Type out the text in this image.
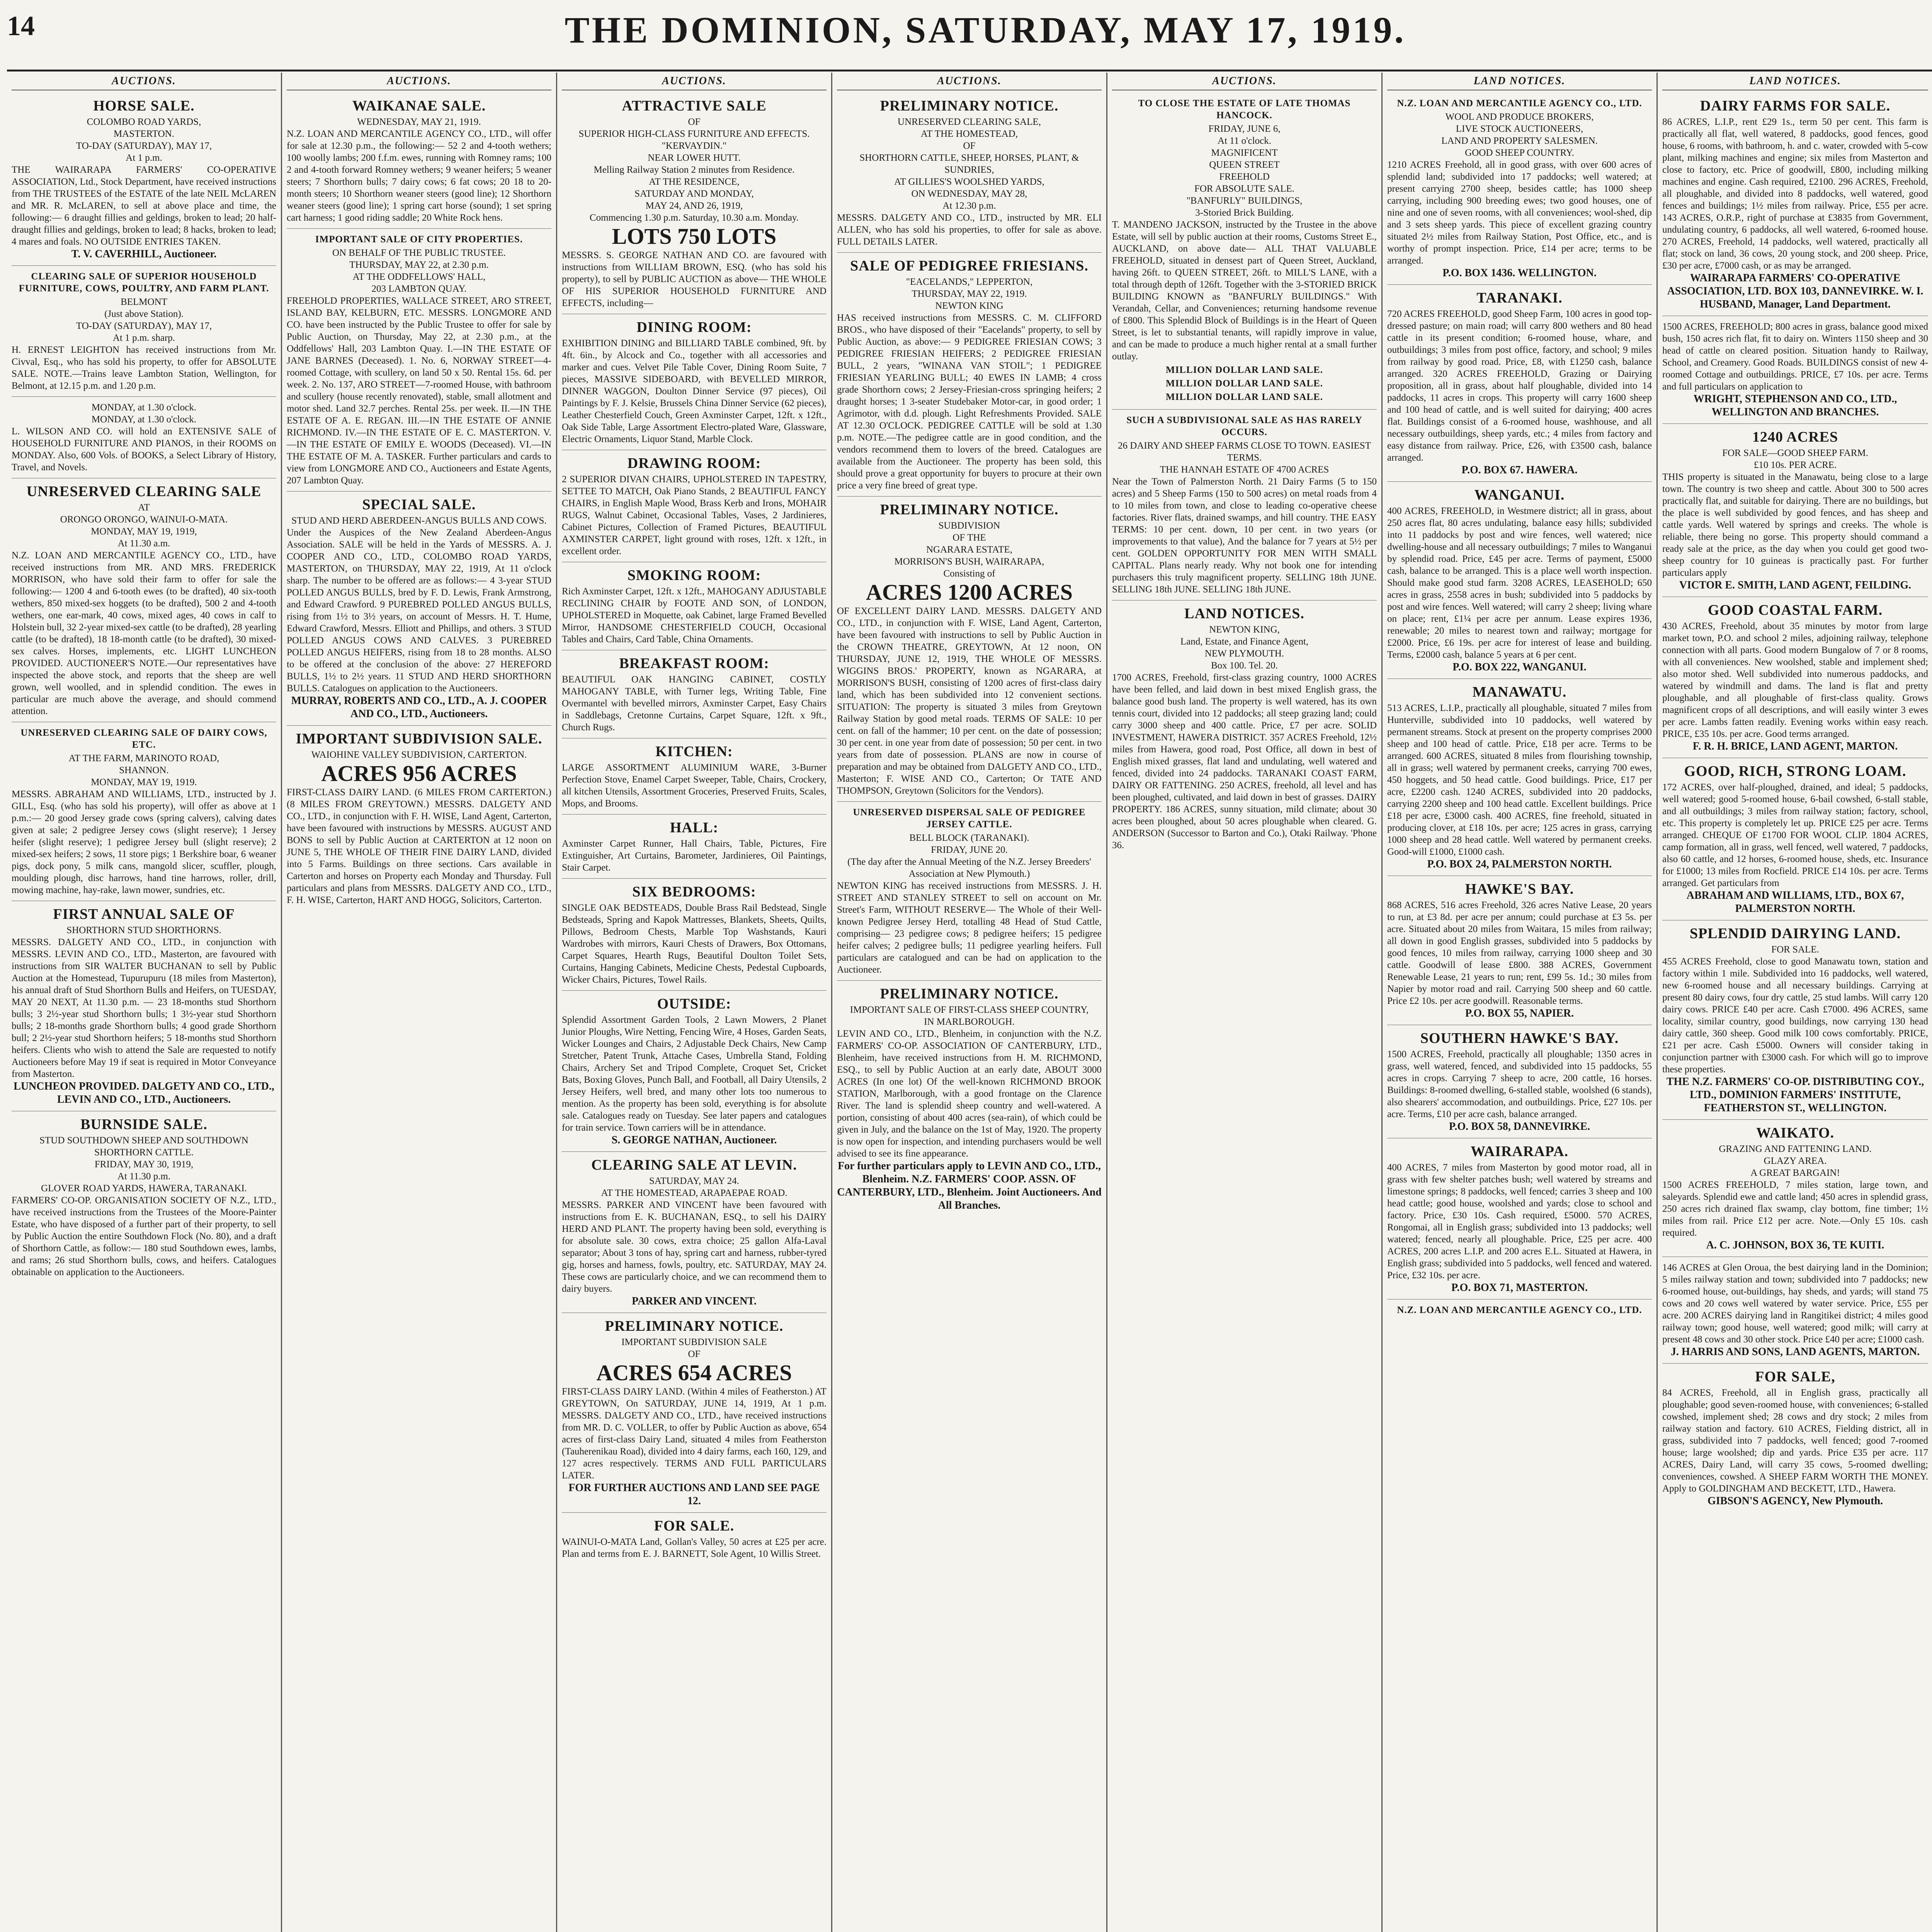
14	THE DOMINION, SATURDAY, MAY 17, 1919.
AUCTIONS.
HORSE SALE.
COLOMBO ROAD YARDS,
MASTERTON.
TO-DAY (SATURDAY), MAY 17,
At 1 p.m.
THE WAIRARAPA FARMERS' CO-OPERATIVE ASSOCIATION, Ltd., Stock Department, have received instructions from THE TRUSTEES of the ESTATE of the late NEIL McLAREN and MR. R. McLAREN, to sell at above place and time, the following:— 6 draught fillies and geldings, broken to lead; 20 half-draught fillies and geldings, broken to lead; 8 hacks, broken to lead; 4 mares and foals. NO OUTSIDE ENTRIES TAKEN.
T. V. CAVERHILL, Auctioneer.
CLEARING SALE OF SUPERIOR HOUSEHOLD FURNITURE, COWS, POULTRY, AND FARM PLANT.
BELMONT
(Just above Station).
TO-DAY (SATURDAY), MAY 17,
At 1 p.m. sharp.
H. ERNEST LEIGHTON has received instructions from Mr. Civval, Esq., who has sold his property, to offer for ABSOLUTE SALE. NOTE.—Trains leave Lambton Station, Wellington, for Belmont, at 12.15 p.m. and 1.20 p.m.
MONDAY, at 1.30 o'clock.
MONDAY, at 1.30 o'clock.
L. WILSON AND CO. will hold an EXTENSIVE SALE of HOUSEHOLD FURNITURE AND PIANOS, in their ROOMS on MONDAY. Also, 600 Vols. of BOOKS, a Select Library of History, Travel, and Novels.
UNRESERVED CLEARING SALE
AT
ORONGO ORONGO, WAINUI-O-MATA.
MONDAY, MAY 19, 1919,
At 11.30 a.m.
N.Z. LOAN AND MERCANTILE AGENCY CO., LTD., have received instructions from MR. AND MRS. FREDERICK MORRISON, who have sold their farm to offer for sale the following:— 1200 4 and 6-tooth ewes (to be drafted), 40 six-tooth wethers, 850 mixed-sex hoggets (to be drafted), 500 2 and 4-tooth wethers, one ear-mark, 40 cows, mixed ages, 40 cows in calf to Holstein bull, 32 2-year mixed-sex cattle (to be drafted), 28 yearling cattle (to be drafted), 18 18-month cattle (to be drafted), 30 mixed-sex calves. Horses, implements, etc. LIGHT LUNCHEON PROVIDED. AUCTIONEER'S NOTE.—Our representatives have inspected the above stock, and reports that the sheep are well grown, well woolled, and in splendid condition. The ewes in particular are much above the average, and should commend attention.
UNRESERVED CLEARING SALE OF DAIRY COWS, ETC.
AT THE FARM, MARINOTO ROAD,
SHANNON.
MONDAY, MAY 19, 1919.
MESSRS. ABRAHAM AND WILLIAMS, LTD., instructed by J. GILL, Esq. (who has sold his property), will offer as above at 1 p.m.:— 20 good Jersey grade cows (spring calvers), calving dates given at sale; 2 pedigree Jersey cows (slight reserve); 1 Jersey heifer (slight reserve); 1 pedigree Jersey bull (slight reserve); 2 mixed-sex heifers; 2 sows, 11 store pigs; 1 Berkshire boar, 6 weaner pigs, dock pony, 5 milk cans, mangold slicer, scuffler, plough, moulding plough, disc harrows, hand tine harrows, roller, drill, mowing machine, hay-rake, lawn mower, sundries, etc.
FIRST ANNUAL SALE OF
SHORTHORN STUD SHORTHORNS.
MESSRS. DALGETY AND CO., LTD., in conjunction with MESSRS. LEVIN AND CO., LTD., Masterton, are favoured with instructions from SIR WALTER BUCHANAN to sell by Public Auction at the Homestead, Tupurupuru (18 miles from Masterton), his annual draft of Stud Shorthorn Bulls and Heifers, on TUESDAY, MAY 20 NEXT, At 11.30 p.m. — 23 18-months stud Shorthorn bulls; 3 2½-year stud Shorthorn bulls; 1 3½-year stud Shorthorn bulls; 2 18-months grade Shorthorn bulls; 4 good grade Shorthorn bull; 2 2½-year stud Shorthorn heifers; 5 18-months stud Shorthorn heifers. Clients who wish to attend the Sale are requested to notify Auctioneers before May 19 if seat is required in Motor Conveyance from Masterton.
LUNCHEON PROVIDED. DALGETY AND CO., LTD., LEVIN AND CO., LTD., Auctioneers.
BURNSIDE SALE.
STUD SOUTHDOWN SHEEP AND SOUTHDOWN SHORTHORN CATTLE.
FRIDAY, MAY 30, 1919,
At 11.30 p.m.
GLOVER ROAD YARDS, HAWERA, TARANAKI.
FARMERS' CO-OP. ORGANISATION SOCIETY OF N.Z., LTD., have received instructions from the Trustees of the Moore-Painter Estate, who have disposed of a further part of their property, to sell by Public Auction the entire Southdown Flock (No. 80), and a draft of Shorthorn Cattle, as follow:— 180 stud Southdown ewes, lambs, and rams; 26 stud Shorthorn bulls, cows, and heifers. Catalogues obtainable on application to the Auctioneers.
AUCTIONS.
WAIKANAE SALE.
WEDNESDAY, MAY 21, 1919.
N.Z. LOAN AND MERCANTILE AGENCY CO., LTD., will offer for sale at 12.30 p.m., the following:— 52 2 and 4-tooth wethers; 100 woolly lambs; 200 f.f.m. ewes, running with Romney rams; 100 2 and 4-tooth forward Romney wethers; 9 weaner heifers; 5 weaner steers; 7 Shorthorn bulls; 7 dairy cows; 6 fat cows; 20 18 to 20-month steers; 10 Shorthorn weaner steers (good line); 12 Shorthorn weaner steers (good line); 1 spring cart horse (sound); 1 set spring cart harness; 1 good riding saddle; 20 White Rock hens.
IMPORTANT SALE OF CITY PROPERTIES.
ON BEHALF OF THE PUBLIC TRUSTEE.
THURSDAY, MAY 22, at 2.30 p.m.
AT THE ODDFELLOWS' HALL,
203 LAMBTON QUAY.
FREEHOLD PROPERTIES, WALLACE STREET, ARO STREET, ISLAND BAY, KELBURN, ETC. MESSRS. LONGMORE AND CO. have been instructed by the Public Trustee to offer for sale by Public Auction, on Thursday, May 22, at 2.30 p.m., at the Oddfellows' Hall, 203 Lambton Quay. I.—IN THE ESTATE OF JANE BARNES (Deceased). 1. No. 6, NORWAY STREET—4-roomed Cottage, with scullery, on land 50 x 50. Rental 15s. 6d. per week. 2. No. 137, ARO STREET—7-roomed House, with bathroom and scullery (house recently renovated), stable, small allotment and motor shed. Land 32.7 perches. Rental 25s. per week. II.—IN THE ESTATE OF A. E. REGAN. III.—IN THE ESTATE OF ANNIE RICHMOND. IV.—IN THE ESTATE OF E. C. MASTERTON. V.—IN THE ESTATE OF EMILY E. WOODS (Deceased). VI.—IN THE ESTATE OF M. A. TASKER. Further particulars and cards to view from LONGMORE AND CO., Auctioneers and Estate Agents, 207 Lambton Quay.
SPECIAL SALE.
STUD AND HERD ABERDEEN-ANGUS BULLS AND COWS.
Under the Auspices of the New Zealand Aberdeen-Angus Association. SALE will be held in the Yards of MESSRS. A. J. COOPER AND CO., LTD., COLOMBO ROAD YARDS, MASTERTON, on THURSDAY, MAY 22, 1919, At 11 o'clock sharp. The number to be offered are as follows:— 4 3-year STUD POLLED ANGUS BULLS, bred by F. D. Lewis, Frank Armstrong, and Edward Crawford. 9 PUREBRED POLLED ANGUS BULLS, rising from 1½ to 3½ years, on account of Messrs. H. T. Hume, Edward Crawford, Messrs. Elliott and Phillips, and others. 3 STUD POLLED ANGUS COWS AND CALVES. 3 PUREBRED POLLED ANGUS HEIFERS, rising from 18 to 28 months. ALSO to be offered at the conclusion of the above: 27 HEREFORD BULLS, 1½ to 2½ years. 11 STUD AND HERD SHORTHORN BULLS. Catalogues on application to the Auctioneers.
MURRAY, ROBERTS AND CO., LTD., A. J. COOPER AND CO., LTD., Auctioneers.
IMPORTANT SUBDIVISION SALE.
WAIOHINE VALLEY SUBDIVISION, CARTERTON.
ACRES 956 ACRES
FIRST-CLASS DAIRY LAND. (6 MILES FROM CARTERTON.) (8 MILES FROM GREYTOWN.) MESSRS. DALGETY AND CO., LTD., in conjunction with F. H. WISE, Land Agent, Carterton, have been favoured with instructions by MESSRS. AUGUST AND BONS to sell by Public Auction at CARTERTON at 12 noon on JUNE 5, THE WHOLE OF THEIR FINE DAIRY LAND, divided into 5 Farms. Buildings on three sections. Cars available in Carterton and horses on Property each Monday and Thursday. Full particulars and plans from MESSRS. DALGETY AND CO., LTD., F. H. WISE, Carterton, HART AND HOGG, Solicitors, Carterton.
AUCTIONS.
ATTRACTIVE SALE
OF
SUPERIOR HIGH-CLASS FURNITURE AND EFFECTS.
"KERVAYDIN."
NEAR LOWER HUTT.
Melling Railway Station 2 minutes from Residence.
AT THE RESIDENCE,
SATURDAY AND MONDAY,
MAY 24, AND 26, 1919,
Commencing 1.30 p.m. Saturday, 10.30 a.m. Monday.
LOTS 750 LOTS
MESSRS. S. GEORGE NATHAN AND CO. are favoured with instructions from WILLIAM BROWN, ESQ. (who has sold his property), to sell by PUBLIC AUCTION as above— THE WHOLE OF HIS SUPERIOR HOUSEHOLD FURNITURE AND EFFECTS, including—
DINING ROOM:
EXHIBITION DINING and BILLIARD TABLE combined, 9ft. by 4ft. 6in., by Alcock and Co., together with all accessories and marker and cues. Velvet Pile Table Cover, Dining Room Suite, 7 pieces, MASSIVE SIDEBOARD, with BEVELLED MIRROR, DINNER WAGGON, Doulton Dinner Service (97 pieces), Oil Paintings by F. J. Kelsie, Brussels China Dinner Service (62 pieces), Leather Chesterfield Couch, Green Axminster Carpet, 12ft. x 12ft., Oak Side Table, Large Assortment Electro-plated Ware, Glassware, Electric Ornaments, Liquor Stand, Marble Clock.
DRAWING ROOM:
2 SUPERIOR DIVAN CHAIRS, UPHOLSTERED IN TAPESTRY, SETTEE TO MATCH, Oak Piano Stands, 2 BEAUTIFUL FANCY CHAIRS, in English Maple Wood, Brass Kerb and Irons, MOHAIR RUGS, Walnut Cabinet, Occasional Tables, Vases, 2 Jardinieres, Cabinet Pictures, Collection of Framed Pictures, BEAUTIFUL AXMINSTER CARPET, light ground with roses, 12ft. x 12ft., in excellent order.
SMOKING ROOM:
Rich Axminster Carpet, 12ft. x 12ft., MAHOGANY ADJUSTABLE RECLINING CHAIR by FOOTE AND SON, of LONDON, UPHOLSTERED in Moquette, oak Cabinet, large Framed Bevelled Mirror, HANDSOME CHESTERFIELD COUCH, Occasional Tables and Chairs, Card Table, China Ornaments.
BREAKFAST ROOM:
BEAUTIFUL OAK HANGING CABINET, COSTLY MAHOGANY TABLE, with Turner legs, Writing Table, Fine Overmantel with bevelled mirrors, Axminster Carpet, Easy Chairs in Saddlebags, Cretonne Curtains, Carpet Square, 12ft. x 9ft., Church Rugs.
KITCHEN:
LARGE ASSORTMENT ALUMINIUM WARE, 3-Burner Perfection Stove, Enamel Carpet Sweeper, Table, Chairs, Crockery, all kitchen Utensils, Assortment Groceries, Preserved Fruits, Scales, Mops, and Brooms.
HALL:
Axminster Carpet Runner, Hall Chairs, Table, Pictures, Fire Extinguisher, Art Curtains, Barometer, Jardinieres, Oil Paintings, Stair Carpet.
SIX BEDROOMS:
SINGLE OAK BEDSTEADS, Double Brass Rail Bedstead, Single Bedsteads, Spring and Kapok Mattresses, Blankets, Sheets, Quilts, Pillows, Bedroom Chests, Marble Top Washstands, Kauri Wardrobes with mirrors, Kauri Chests of Drawers, Box Ottomans, Carpet Squares, Hearth Rugs, Beautiful Doulton Toilet Sets, Curtains, Hanging Cabinets, Medicine Chests, Pedestal Cupboards, Wicker Chairs, Pictures, Towel Rails.
OUTSIDE:
Splendid Assortment Garden Tools, 2 Lawn Mowers, 2 Planet Junior Ploughs, Wire Netting, Fencing Wire, 4 Hoses, Garden Seats, Wicker Lounges and Chairs, 2 Adjustable Deck Chairs, New Camp Stretcher, Patent Trunk, Attache Cases, Umbrella Stand, Folding Chairs, Archery Set and Tripod Complete, Croquet Set, Cricket Bats, Boxing Gloves, Punch Ball, and Football, all Dairy Utensils, 2 Jersey Heifers, well bred, and many other lots too numerous to mention. As the property has been sold, everything is for absolute sale. Catalogues ready on Tuesday. See later papers and catalogues for train service. Town carriers will be in attendance.
S. GEORGE NATHAN, Auctioneer.
CLEARING SALE AT LEVIN.
SATURDAY, MAY 24.
AT THE HOMESTEAD, ARAPAEPAE ROAD.
MESSRS. PARKER AND VINCENT have been favoured with instructions from E. K. BUCHANAN, ESQ., to sell his DAIRY HERD AND PLANT. The property having been sold, everything is for absolute sale. 30 cows, extra choice; 25 gallon Alfa-Laval separator; About 3 tons of hay, spring cart and harness, rubber-tyred gig, horses and harness, fowls, poultry, etc. SATURDAY, MAY 24. These cows are particularly choice, and we can recommend them to dairy buyers.
PARKER AND VINCENT.
PRELIMINARY NOTICE.
IMPORTANT SUBDIVISION SALE
OF
ACRES 654 ACRES
FIRST-CLASS DAIRY LAND. (Within 4 miles of Featherston.) AT GREYTOWN, On SATURDAY, JUNE 14, 1919, At 1 p.m. MESSRS. DALGETY AND CO., LTD., have received instructions from MR. D. C. VOLLER, to offer by Public Auction as above, 654 acres of first-class Dairy Land, situated 4 miles from Featherston (Tauherenikau Road), divided into 4 dairy farms, each 160, 129, and 127 acres respectively. TERMS AND FULL PARTICULARS LATER.
FOR FURTHER AUCTIONS AND LAND SEE PAGE 12.
FOR SALE.
WAINUI-O-MATA Land, Gollan's Valley, 50 acres at £25 per acre. Plan and terms from E. J. BARNETT, Sole Agent, 10 Willis Street.
AUCTIONS.
PRELIMINARY NOTICE.
UNRESERVED CLEARING SALE,
AT THE HOMESTEAD,
OF
SHORTHORN CATTLE, SHEEP, HORSES, PLANT, & SUNDRIES,
AT GILLIES'S WOOLSHED YARDS,
ON WEDNESDAY, MAY 28,
At 12.30 p.m.
MESSRS. DALGETY AND CO., LTD., instructed by MR. ELI ALLEN, who has sold his properties, to offer for sale as above. FULL DETAILS LATER.
SALE OF PEDIGREE FRIESIANS.
"EACELANDS," LEPPERTON,
THURSDAY, MAY 22, 1919.
NEWTON KING
HAS received instructions from MESSRS. C. M. CLIFFORD BROS., who have disposed of their "Eacelands" property, to sell by Public Auction, as above:— 9 PEDIGREE FRIESIAN COWS; 3 PEDIGREE FRIESIAN HEIFERS; 2 PEDIGREE FRIESIAN BULL, 2 years, "WINANA VAN STOIL"; 1 PEDIGREE FRIESIAN YEARLING BULL; 40 EWES IN LAMB; 4 cross grade Shorthorn cows; 2 Jersey-Friesian-cross springing heifers; 2 draught horses; 1 3-seater Studebaker Motor-car, in good order; 1 Agrimotor, with d.d. plough. Light Refreshments Provided. SALE AT 12.30 O'CLOCK. PEDIGREE CATTLE will be sold at 1.30 p.m. NOTE.—The pedigree cattle are in good condition, and the vendors recommend them to lovers of the breed. Catalogues are available from the Auctioneer. The property has been sold, this should prove a great opportunity for buyers to procure at their own price a very fine breed of great type.
PRELIMINARY NOTICE.
SUBDIVISION
OF THE
NGARARA ESTATE,
MORRISON'S BUSH, WAIRARAPA,
Consisting of
ACRES 1200 ACRES
OF EXCELLENT DAIRY LAND. MESSRS. DALGETY AND CO., LTD., in conjunction with F. WISE, Land Agent, Carterton, have been favoured with instructions to sell by Public Auction in the CROWN THEATRE, GREYTOWN, At 12 noon, ON THURSDAY, JUNE 12, 1919, THE WHOLE OF MESSRS. WIGGINS BROS.' PROPERTY, known as NGARARA, at MORRISON'S BUSH, consisting of 1200 acres of first-class dairy land, which has been subdivided into 12 convenient sections. SITUATION: The property is situated 3 miles from Greytown Railway Station by good metal roads. TERMS OF SALE: 10 per cent. on fall of the hammer; 10 per cent. on the date of possession; 30 per cent. in one year from date of possession; 50 per cent. in two years from date of possession. PLANS are now in course of preparation and may be obtained from DALGETY AND CO., LTD., Masterton; F. WISE AND CO., Carterton; Or TATE AND THOMPSON, Greytown (Solicitors for the Vendors).
UNRESERVED DISPERSAL SALE OF PEDIGREE JERSEY CATTLE.
BELL BLOCK (TARANAKI).
FRIDAY, JUNE 20.
(The day after the Annual Meeting of the N.Z. Jersey Breeders' Association at New Plymouth.)
NEWTON KING has received instructions from MESSRS. J. H. STREET AND STANLEY STREET to sell on account on Mr. Street's Farm, WITHOUT RESERVE— The Whole of their Well-known Pedigree Jersey Herd, totalling 48 Head of Stud Cattle, comprising— 23 pedigree cows; 8 pedigree heifers; 15 pedigree heifer calves; 2 pedigree bulls; 11 pedigree yearling heifers. Full particulars are catalogued and can be had on application to the Auctioneer.
PRELIMINARY NOTICE.
IMPORTANT SALE OF FIRST-CLASS SHEEP COUNTRY,
IN MARLBOROUGH.
LEVIN AND CO., LTD., Blenheim, in conjunction with the N.Z. FARMERS' CO-OP. ASSOCIATION OF CANTERBURY, LTD., Blenheim, have received instructions from H. M. RICHMOND, ESQ., to sell by Public Auction at an early date, ABOUT 3000 ACRES (In one lot) Of the well-known RICHMOND BROOK STATION, Marlborough, with a good frontage on the Clarence River. The land is splendid sheep country and well-watered. A portion, consisting of about 400 acres (sea-rain), of which could be given in July, and the balance on the 1st of May, 1920. The property is now open for inspection, and intending purchasers would be well advised to see its fine appearance.
For further particulars apply to LEVIN AND CO., LTD., Blenheim. N.Z. FARMERS' COOP. ASSN. OF CANTERBURY, LTD., Blenheim. Joint Auctioneers. And All Branches.
AUCTIONS.
TO CLOSE THE ESTATE OF LATE THOMAS HANCOCK.
FRIDAY, JUNE 6,
At 11 o'clock.
MAGNIFICENT
QUEEN STREET
FREEHOLD
FOR ABSOLUTE SALE.
"BANFURLY" BUILDINGS,
3-Storied Brick Building.
T. MANDENO JACKSON, instructed by the Trustee in the above Estate, will sell by public auction at their rooms, Customs Street E., AUCKLAND, on above date— ALL THAT VALUABLE FREEHOLD, situated in densest part of Queen Street, Auckland, having 26ft. to QUEEN STREET, 26ft. to MILL'S LANE, with a total through depth of 126ft. Together with the 3-STORIED BRICK BUILDING KNOWN as "BANFURLY BUILDINGS." With Verandah, Cellar, and Conveniences; returning handsome revenue of £800. This Splendid Block of Buildings is in the Heart of Queen Street, is let to substantial tenants, will rapidly improve in value, and can be made to produce a much higher rental at a small further outlay.
MILLION DOLLAR LAND SALE.
MILLION DOLLAR LAND SALE.
MILLION DOLLAR LAND SALE.
SUCH A SUBDIVISIONAL SALE AS HAS RARELY OCCURS.
26 DAIRY AND SHEEP FARMS CLOSE TO TOWN. EASIEST TERMS.
THE HANNAH ESTATE OF 4700 ACRES
Near the Town of Palmerston North. 21 Dairy Farms (5 to 150 acres) and 5 Sheep Farms (150 to 500 acres) on metal roads from 4 to 10 miles from town, and close to leading co-operative cheese factories. River flats, drained swamps, and hill country. THE EASY TERMS: 10 per cent. down, 10 per cent. in two years (or improvements to that value), And the balance for 7 years at 5½ per cent. GOLDEN OPPORTUNITY FOR MEN WITH SMALL CAPITAL. Plans nearly ready. Why not book one for intending purchasers this truly magnificent property. SELLING 18th JUNE. SELLING 18th JUNE. SELLING 18th JUNE.
LAND NOTICES.
NEWTON KING,
Land, Estate, and Finance Agent,
NEW PLYMOUTH.
Box 100. Tel. 20.
1700 ACRES, Freehold, first-class grazing country, 1000 ACRES have been felled, and laid down in best mixed English grass, the balance good bush land. The property is well watered, has its own tennis court, divided into 12 paddocks; all steep grazing land; could carry 3000 sheep and 400 cattle. Price, £7 per acre. SOLID INVESTMENT, HAWERA DISTRICT. 357 ACRES Freehold, 12½ miles from Hawera, good road, Post Office, all down in best of English mixed grasses, flat land and undulating, well watered and fenced, divided into 24 paddocks. TARANAKI COAST FARM, DAIRY OR FATTENING. 250 ACRES, freehold, all level and has been ploughed, cultivated, and laid down in best of grasses. DAIRY PROPERTY. 186 ACRES, sunny situation, mild climate; about 30 acres been ploughed, about 50 acres ploughable when cleared. G. ANDERSON (Successor to Barton and Co.), Otaki Railway. 'Phone 36.
LAND NOTICES.
N.Z. LOAN AND MERCANTILE AGENCY CO., LTD.
WOOL AND PRODUCE BROKERS,
LIVE STOCK AUCTIONEERS,
LAND AND PROPERTY SALESMEN.
GOOD SHEEP COUNTRY.
1210 ACRES Freehold, all in good grass, with over 600 acres of splendid land; subdivided into 17 paddocks; well watered; at present carrying 2700 sheep, besides cattle; has 1000 sheep carrying, including 900 breeding ewes; two good houses, one of nine and one of seven rooms, with all conveniences; wool-shed, dip and 3 sets sheep yards. This piece of excellent grazing country situated 2½ miles from Railway Station, Post Office, etc., and is worthy of prompt inspection. Price, £14 per acre; terms to be arranged.
P.O. BOX 1436. WELLINGTON.
TARANAKI.
720 ACRES FREEHOLD, good Sheep Farm, 100 acres in good top-dressed pasture; on main road; will carry 800 wethers and 80 head cattle in its present condition; 6-roomed house, whare, and outbuildings; 3 miles from post office, factory, and school; 9 miles from railway by good road. Price, £8, with £1250 cash, balance arranged. 320 ACRES FREEHOLD, Grazing or Dairying proposition, all in grass, about half ploughable, divided into 14 paddocks, 11 acres in crops. This property will carry 1600 sheep and 100 head of cattle, and is well suited for dairying; 400 acres flat. Buildings consist of a 6-roomed house, washhouse, and all necessary outbuildings, sheep yards, etc.; 4 miles from factory and easy distance from railway. Price, £26, with £3500 cash, balance arranged.
P.O. BOX 67. HAWERA.
WANGANUI.
400 ACRES, FREEHOLD, in Westmere district; all in grass, about 250 acres flat, 80 acres undulating, balance easy hills; subdivided into 11 paddocks by post and wire fences, well watered; nice dwelling-house and all necessary outbuildings; 7 miles to Wanganui by splendid road. Price, £45 per acre. Terms of payment, £5000 cash, balance to be arranged. This is a place well worth inspection. Should make good stud farm. 3208 ACRES, LEASEHOLD; 650 acres in grass, 2558 acres in bush; subdivided into 5 paddocks by post and wire fences. Well watered; will carry 2 sheep; living whare on place; rent, £1¼ per acre per annum. Lease expires 1936, renewable; 20 miles to nearest town and railway; mortgage for £2000. Price, £6 19s. per acre for interest of lease and building. Terms, £2000 cash, balance 5 years at 6 per cent.
P.O. BOX 222, WANGANUI.
MANAWATU.
513 ACRES, L.I.P., practically all ploughable, situated 7 miles from Hunterville, subdivided into 10 paddocks, well watered by permanent streams. Stock at present on the property comprises 2000 sheep and 100 head of cattle. Price, £18 per acre. Terms to be arranged. 600 ACRES, situated 8 miles from flourishing township, all in grass; well watered by permanent creeks, carrying 700 ewes, 450 hoggets, and 50 head cattle. Good buildings. Price, £17 per acre, £2200 cash. 1240 ACRES, subdivided into 20 paddocks, carrying 2200 sheep and 100 head cattle. Excellent buildings. Price £18 per acre, £3000 cash. 400 ACRES, fine freehold, situated in producing clover, at £18 10s. per acre; 125 acres in grass, carrying 1000 sheep and 28 head cattle. Well watered by permanent creeks. Good-will £1000, £1000 cash.
P.O. BOX 24, PALMERSTON NORTH.
HAWKE'S BAY.
868 ACRES, 516 acres Freehold, 326 acres Native Lease, 20 years to run, at £3 8d. per acre per annum; could purchase at £3 5s. per acre. Situated about 20 miles from Waitara, 15 miles from railway; all down in good English grasses, subdivided into 5 paddocks by good fences, 10 miles from railway, carrying 1000 sheep and 30 cattle. Goodwill of lease £800. 388 ACRES, Government Renewable Lease, 21 years to run; rent, £99 5s. 1d.; 30 miles from Napier by motor road and rail. Carrying 500 sheep and 60 cattle. Price £2 10s. per acre goodwill. Reasonable terms.
P.O. BOX 55, NAPIER.
SOUTHERN HAWKE'S BAY.
1500 ACRES, Freehold, practically all ploughable; 1350 acres in grass, well watered, fenced, and subdivided into 15 paddocks, 55 acres in crops. Carrying 7 sheep to acre, 200 cattle, 16 horses. Buildings: 8-roomed dwelling, 6-stalled stable, woolshed (6 stands), also shearers' accommodation, and outbuildings. Price, £27 10s. per acre. Terms, £10 per acre cash, balance arranged.
P.O. BOX 58, DANNEVIRKE.
WAIRARAPA.
400 ACRES, 7 miles from Masterton by good motor road, all in grass with few shelter patches bush; well watered by streams and limestone springs; 8 paddocks, well fenced; carries 3 sheep and 100 head cattle; good house, woolshed and yards; close to school and factory. Price, £30 10s. Cash required, £5000. 570 ACRES, Rongomai, all in English grass; subdivided into 13 paddocks; well watered; fenced, nearly all ploughable. Price, £25 per acre. 400 ACRES, 200 acres L.I.P. and 200 acres E.L. Situated at Hawera, in English grass; subdivided into 5 paddocks, well fenced and watered. Price, £32 10s. per acre.
P.O. BOX 71, MASTERTON.
N.Z. LOAN AND MERCANTILE AGENCY CO., LTD.
LAND NOTICES.
DAIRY FARMS FOR SALE.
86 ACRES, L.I.P., rent £29 1s., term 50 per cent. This farm is practically all flat, well watered, 8 paddocks, good fences, good house, 6 rooms, with bathroom, h. and c. water, crowded with 5-cow plant, milking machines and engine; six miles from Masterton and close to factory, etc. Price of goodwill, £800, including milking machines and engine. Cash required, £2100. 296 ACRES, Freehold, all ploughable, and divided into 8 paddocks, well watered, good fences and buildings; 1½ miles from railway. Price, £55 per acre. 143 ACRES, O.R.P., right of purchase at £3835 from Government, undulating country, 6 paddocks, all well watered, 6-roomed house. 270 ACRES, Freehold, 14 paddocks, well watered, practically all flat; stock on land, 36 cows, 20 young stock, and 200 sheep. Price, £30 per acre, £7000 cash, or as may be arranged.
WAIRARAPA FARMERS' CO-OPERATIVE ASSOCIATION, LTD. BOX 103, DANNEVIRKE. W. I. HUSBAND, Manager, Land Department.
1500 ACRES, FREEHOLD; 800 acres in grass, balance good mixed bush, 150 acres rich flat, fit to dairy on. Winters 1150 sheep and 30 head of cattle on cleared position. Situation handy to Railway, School, and Creamery. Good Roads. BUILDINGS consist of new 4-roomed Cottage and outbuildings. PRICE, £7 10s. per acre. Terms and full particulars on application to
WRIGHT, STEPHENSON AND CO., LTD., WELLINGTON AND BRANCHES.
1240 ACRES
FOR SALE—GOOD SHEEP FARM.
£10 10s. PER ACRE.
THIS property is situated in the Manawatu, being close to a large town. The country is two sheep and cattle. About 300 to 500 acres practically flat, and suitable for dairying. There are no buildings, but the place is well subdivided by good fences, and has sheep and cattle yards. Well watered by springs and creeks. The whole is reliable, there being no gorse. This property should command a ready sale at the price, as the day when you could get good two-sheep country for 10 guineas is practically past. For further particulars apply
VICTOR E. SMITH, LAND AGENT, FEILDING.
GOOD COASTAL FARM.
430 ACRES, Freehold, about 35 minutes by motor from large market town, P.O. and school 2 miles, adjoining railway, telephone connection with all parts. Good modern Bungalow of 7 or 8 rooms, with all conveniences. New woolshed, stable and implement shed; also motor shed. Well subdivided into numerous paddocks, and watered by windmill and dams. The land is flat and pretty ploughable, and all ploughable of first-class quality. Grows magnificent crops of all descriptions, and will easily winter 3 ewes per acre. Lambs fatten readily. Evening works within easy reach. PRICE, £35 10s. per acre. Good terms arranged.
F. R. H. BRICE, LAND AGENT, MARTON.
GOOD, RICH, STRONG LOAM.
172 ACRES, over half-ploughed, drained, and ideal; 5 paddocks, well watered; good 5-roomed house, 6-bail cowshed, 6-stall stable, and all outbuildings; 3 miles from railway station; factory, school, etc. This property is completely let up. PRICE £25 per acre. Terms arranged. CHEQUE OF £1700 FOR WOOL CLIP. 1804 ACRES, camp formation, all in grass, well fenced, well watered, 7 paddocks, also 60 cattle, and 12 horses, 6-roomed house, sheds, etc. Insurance for £1000; 13 miles from Rocfield. PRICE £14 10s. per acre. Terms arranged. Get particulars from
ABRAHAM AND WILLIAMS, LTD., BOX 67, PALMERSTON NORTH.
SPLENDID DAIRYING LAND.
FOR SALE.
455 ACRES Freehold, close to good Manawatu town, station and factory within 1 mile. Subdivided into 16 paddocks, well watered, new 6-roomed house and all necessary buildings. Carrying at present 80 dairy cows, four dry cattle, 25 stud lambs. Will carry 120 dairy cows. PRICE £40 per acre. Cash £7000. 496 ACRES, same locality, similar country, good buildings, now carrying 130 head dairy cattle, 360 sheep. Good milk 100 cows comfortably. PRICE, £21 per acre. Cash £5000. Owners will consider taking in conjunction partner with £3000 cash. For which will go to improve these properties.
THE N.Z. FARMERS' CO-OP. DISTRIBUTING COY., LTD., DOMINION FARMERS' INSTITUTE, FEATHERSTON ST., WELLINGTON.
WAIKATO.
GRAZING AND FATTENING LAND.
GLAZY AREA.
A GREAT BARGAIN!
1500 ACRES FREEHOLD, 7 miles station, large town, and saleyards. Splendid ewe and cattle land; 450 acres in splendid grass, 250 acres rich drained flax swamp, clay bottom, fine timber; 1½ miles from rail. Price £12 per acre. Note.—Only £5 10s. cash required.
A. C. JOHNSON, BOX 36, TE KUITI.
146 ACRES at Glen Oroua, the best dairying land in the Dominion; 5 miles railway station and town; subdivided into 7 paddocks; new 6-roomed house, out-buildings, hay sheds, and yards; will stand 75 cows and 20 cows well watered by water service. Price, £55 per acre. 200 ACRES dairying land in Rangitikei district; 4 miles good railway town; good house, well watered; good milk; will carry at present 48 cows and 30 other stock. Price £40 per acre; £1000 cash.
J. HARRIS AND SONS, LAND AGENTS, MARTON.
FOR SALE,
84 ACRES, Freehold, all in English grass, practically all ploughable; good seven-roomed house, with conveniences; 6-stalled cowshed, implement shed; 28 cows and dry stock; 2 miles from railway station and factory. 610 ACRES, Fielding district, all in grass, subdivided into 7 paddocks, well fenced; good 7-roomed house; large woolshed; dip and yards. Price £35 per acre. 117 ACRES, Dairy Land, will carry 35 cows, 5-roomed dwelling; conveniences, cowshed. A SHEEP FARM WORTH THE MONEY. Apply to GOLDINGHAM AND BECKETT, LTD., Hawera.
GIBSON'S AGENCY, New Plymouth.
